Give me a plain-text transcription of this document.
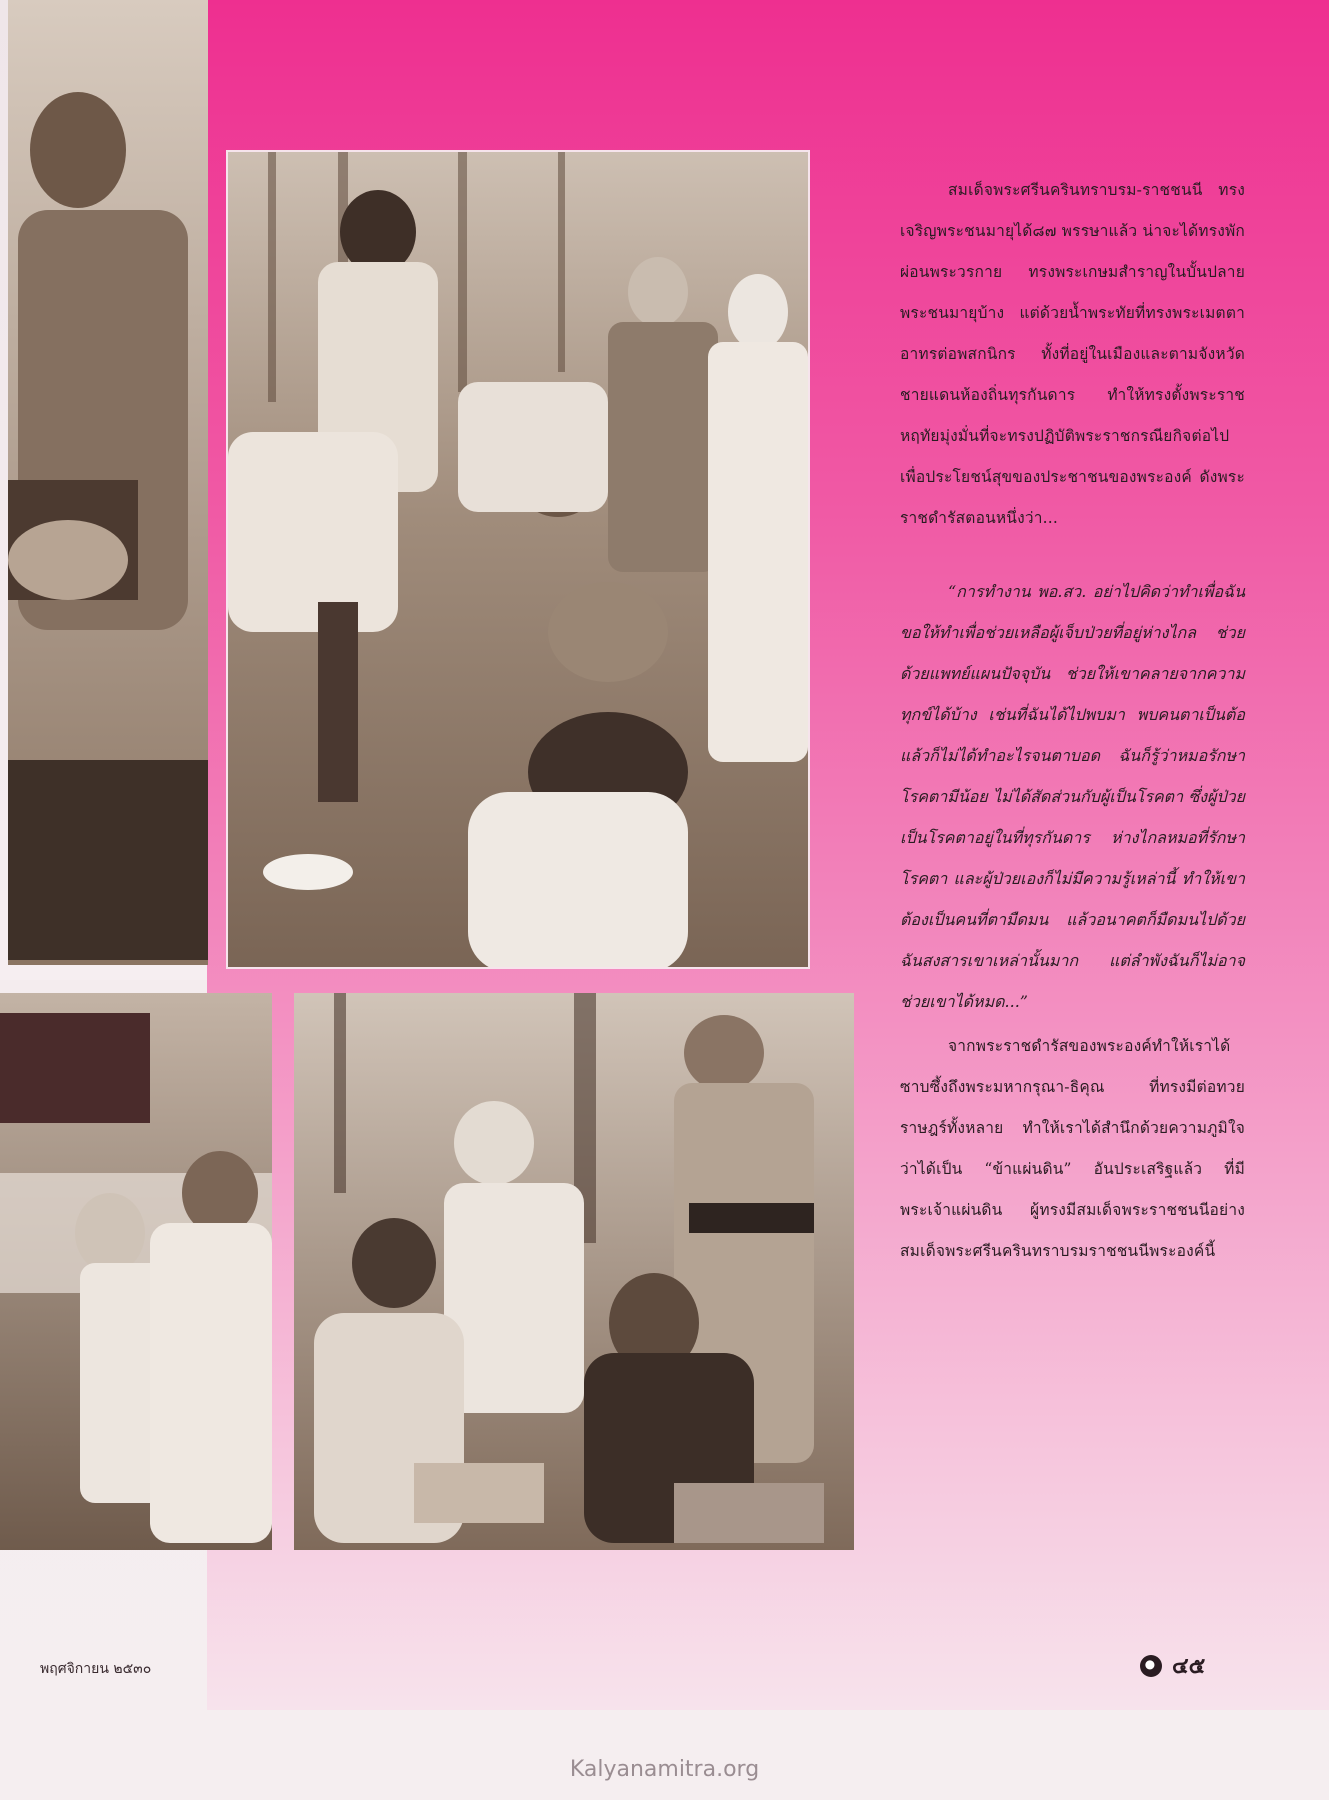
สมเด็จพระศรีนครินทราบรม-ราชชนนี ทรงเจริญพระชนมายุได้๘๗ พรรษาแล้ว น่าจะได้ทรงพักผ่อนพระวรกาย ทรงพระเกษมสำราญในบั้นปลายพระชนมายุบ้าง แต่ด้วยน้ำพระทัยที่ทรงพระเมตตาอาทรต่อพสกนิกร ทั้งที่อยู่ในเมืองและตามจังหวัดชายแดนห้องถิ่นทุรกันดาร ทำให้ทรงตั้งพระราชหฤทัยมุ่งมั่นที่จะทรงปฏิบัติพระราชกรณียกิจต่อไป เพื่อประโยชน์สุขของประชาชนของพระองค์ ดังพระราชดำรัสตอนหนึ่งว่า...

“การทำงาน พอ.สว. อย่าไปคิดว่าทำเพื่อฉัน ขอให้ทำเพื่อช่วยเหลือผู้เจ็บป่วยที่อยู่ห่างไกล ช่วยด้วยแพทย์แผนปัจจุบัน ช่วยให้เขาคลายจากความทุกข์ได้บ้าง เช่นที่ฉันได้ไปพบมา พบคนตาเป็นต้อแล้วก็ไม่ได้ทำอะไรจนตาบอด ฉันก็รู้ว่าหมอรักษาโรคตามีน้อย ไม่ได้สัดส่วนกับผู้เป็นโรคตา ซึ่งผู้ป่วยเป็นโรคตาอยู่ในที่ทุรกันดาร ห่างไกลหมอที่รักษาโรคตา และผู้ป่วยเองก็ไม่มีความรู้เหล่านี้ ทำให้เขาต้องเป็นคนที่ตามืดมน แล้วอนาคตก็มืดมนไปด้วย ฉันสงสารเขาเหล่านั้นมาก แต่ลำพังฉันก็ไม่อาจช่วยเขาได้หมด...”

จากพระราชดำรัสของพระองค์ทำให้เราได้ซาบซึ้งถึงพระมหากรุณา-ธิคุณ ที่ทรงมีต่อทวยราษฎร์ทั้งหลาย ทำให้เราได้สำนึกด้วยความภูมิใจว่าได้เป็น “ข้าแผ่นดิน” อันประเสริฐแล้ว ที่มีพระเจ้าแผ่นดิน ผู้ทรงมีสมเด็จพระราชชนนีอย่างสมเด็จพระศรีนครินทราบรมราชชนนีพระองค์นี้

พฤศจิกายน ๒๕๓๐	๔๕
Kalyanamitra.org
